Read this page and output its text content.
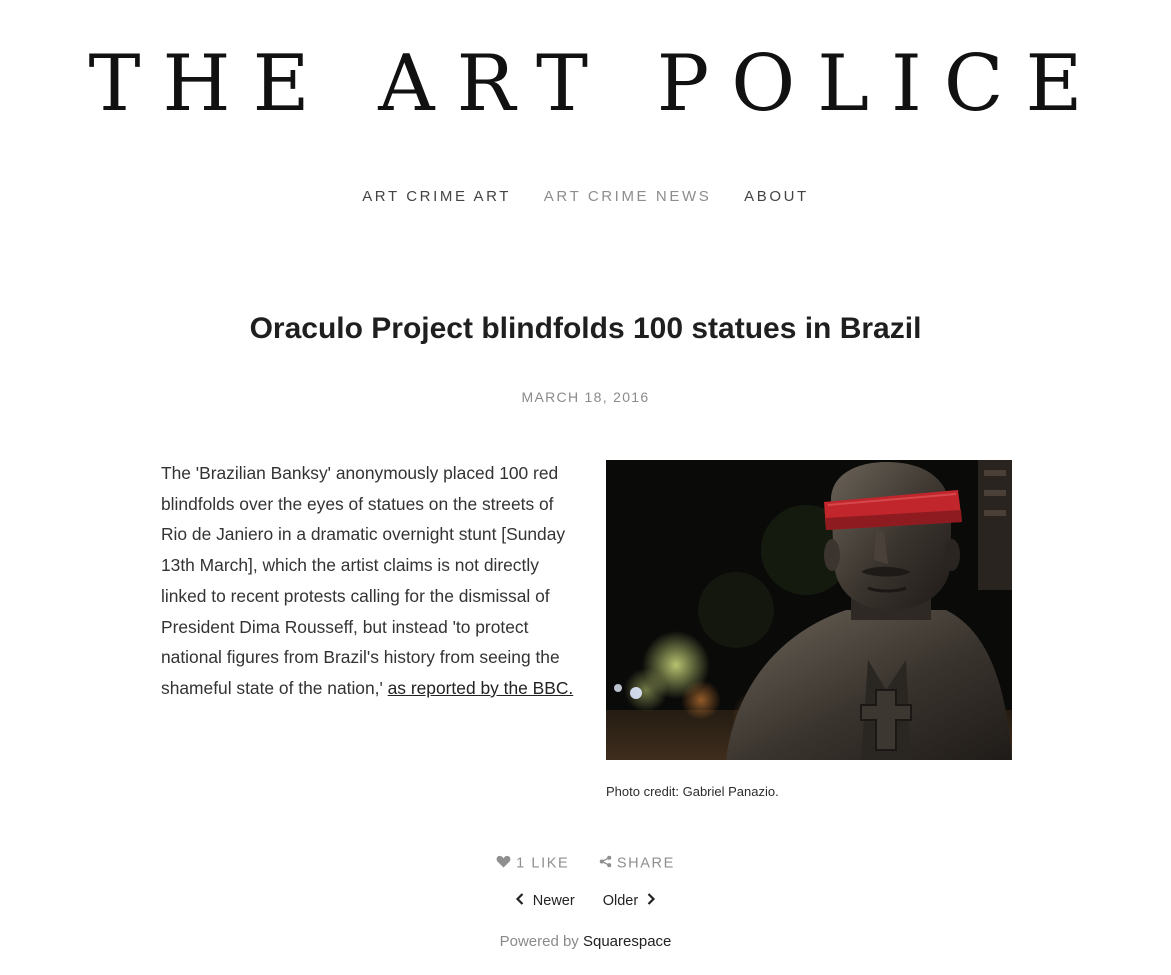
THE ART POLICE
ART CRIME ART ART CRIME NEWS ABOUT
Oraculo Project blindfolds 100 statues in Brazil
MARCH 18, 2016

The 'Brazilian Banksy' anonymously placed 100 red blindfolds over the eyes of statues on the streets of Rio de Janiero in a dramatic overnight stunt [Sunday 13th March], which the artist claims is not directly linked to recent protests calling for the dismissal of President Dima Rousseff, but instead 'to protect national figures from Brazil's history from seeing the shameful state of the nation,' as reported by the BBC.

Photo credit: Gabriel Panazio.
1 LIKE	SHARE
Newer Older
Powered by Squarespace
